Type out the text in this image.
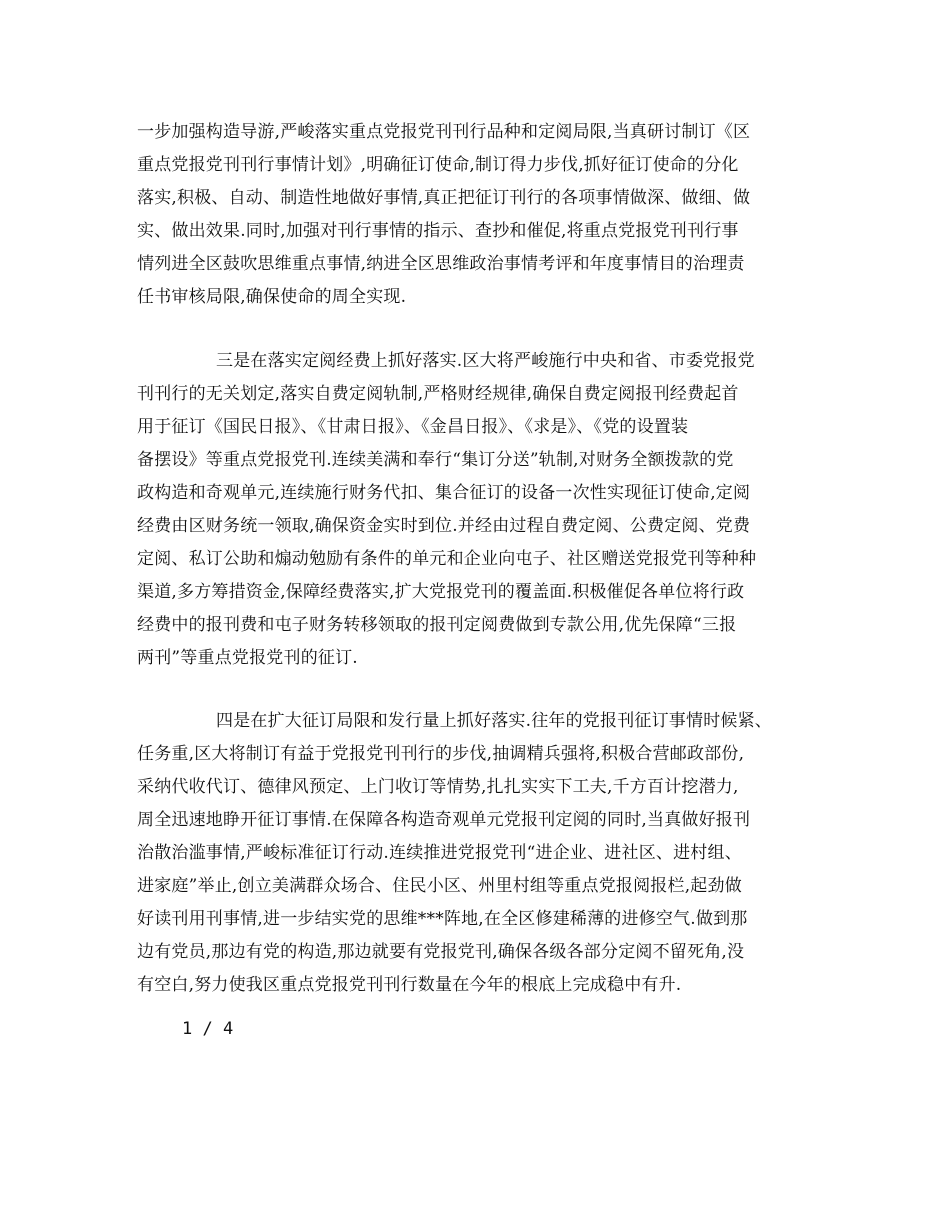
一步加强构造导游,严峻落实重点党报党刊刊行品种和定阅局限,当真研讨制订《区
重点党报党刊刊行事情计划》,明确征订使命,制订得力步伐,抓好征订使命的分化
落实,积极、自动、制造性地做好事情,真正把征订刊行的各项事情做深、做细、做
实、做出效果.同时,加强对刊行事情的指示、查抄和催促,将重点党报党刊刊行事
情列进全区鼓吹思维重点事情,纳进全区思维政治事情考评和年度事情目的治理责
任书审核局限,确保使命的周全实现.
三是在落实定阅经费上抓好落实.区大将严峻施行中央和省、市委党报党
刊刊行的无关划定,落实自费定阅轨制,严格财经规律,确保自费定阅报刊经费起首
用于征订《国民日报》、《甘肃日报》、《金昌日报》、《求是》、《党的设置装
备摆设》等重点党报党刊.连续美满和奉行“集订分送”轨制,对财务全额拨款的党
政构造和奇观单元,连续施行财务代扣、集合征订的设备一次性实现征订使命,定阅
经费由区财务统一领取,确保资金实时到位.并经由过程自费定阅、公费定阅、党费
定阅、私订公助和煽动勉励有条件的单元和企业向屯子、社区赠送党报党刊等种种
渠道,多方筹措资金,保障经费落实,扩大党报党刊的覆盖面.积极催促各单位将行政
经费中的报刊费和屯子财务转移领取的报刊定阅费做到专款公用,优先保障“三报
两刊”等重点党报党刊的征订.
四是在扩大征订局限和发行量上抓好落实.往年的党报刊征订事情时候紧、
任务重,区大将制订有益于党报党刊刊行的步伐,抽调精兵强将,积极合营邮政部份,
采纳代收代订、德律风预定、上门收订等情势,扎扎实实下工夫,千方百计挖潜力,
周全迅速地睁开征订事情.在保障各构造奇观单元党报刊定阅的同时,当真做好报刊
治散治滥事情,严峻标准征订行动.连续推进党报党刊“进企业、进社区、进村组、
进家庭”举止,创立美满群众场合、住民小区、州里村组等重点党报阅报栏,起劲做
好读刊用刊事情,进一步结实党的思维***阵地,在全区修建稀薄的进修空气.做到那
边有党员,那边有党的构造,那边就要有党报党刊,确保各级各部分定阅不留死角,没
有空白,努力使我区重点党报党刊刊行数量在今年的根底上完成稳中有升.
1 / 4
